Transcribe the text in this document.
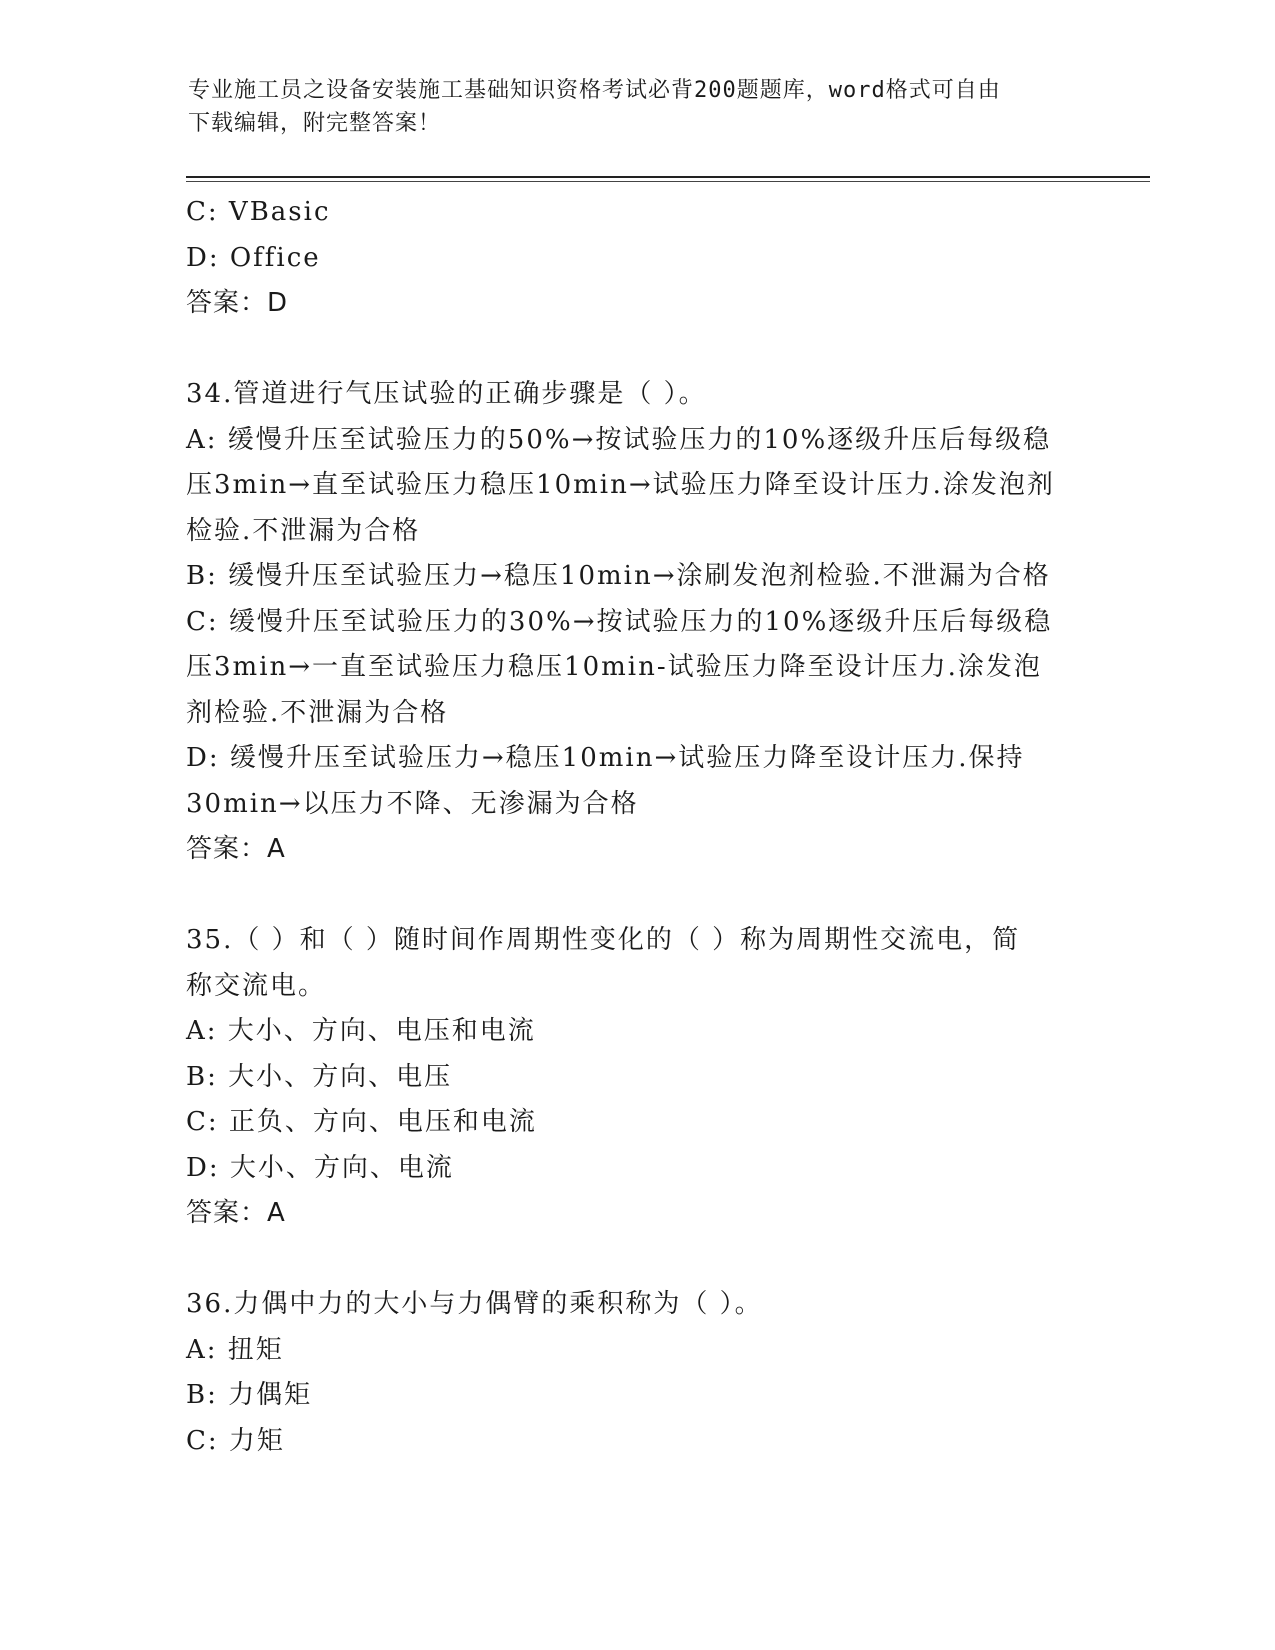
专业施工员之设备安装施工基础知识资格考试必背200题题库，word格式可自由
下载编辑，附完整答案！

C: VBasic

D: Office

答案：D

34.管道进行气压试验的正确步骤是（ ）。

A: 缓慢升压至试验压力的50%→按试验压力的10%逐级升压后每级稳

压3min→直至试验压力稳压10min→试验压力降至设计压力.涂发泡剂

检验.不泄漏为合格

B: 缓慢升压至试验压力→稳压10min→涂刷发泡剂检验.不泄漏为合格

C: 缓慢升压至试验压力的30%→按试验压力的10%逐级升压后每级稳

压3min→一直至试验压力稳压10min-试验压力降至设计压力.涂发泡

剂检验.不泄漏为合格

D: 缓慢升压至试验压力→稳压10min→试验压力降至设计压力.保持

30min→以压力不降、无渗漏为合格

答案：A

35.（ ）和（ ）随时间作周期性变化的（ ）称为周期性交流电，简

称交流电。

A: 大小、方向、电压和电流

B: 大小、方向、电压

C: 正负、方向、电压和电流

D: 大小、方向、电流

答案：A

36.力偶中力的大小与力偶臂的乘积称为（ ）。

A: 扭矩

B: 力偶矩

C: 力矩
